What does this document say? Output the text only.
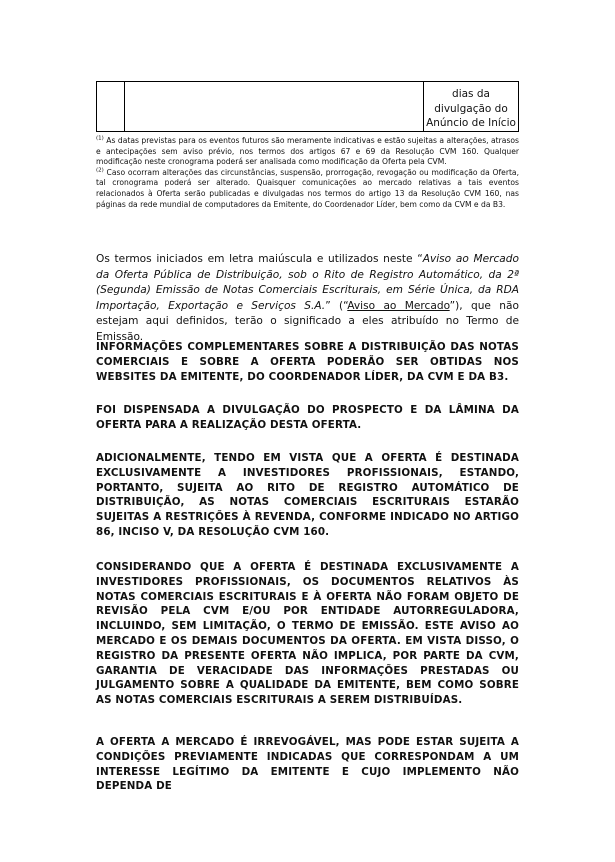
dias da
divulgação do
Anúncio de Início

$^{(1)}$ As datas previstas para os eventos futuros são meramente indicativas e estão sujeitas a alterações, atrasos e antecipações sem aviso prévio, nos termos dos artigos 67 e 69 da Resolução CVM 160. Qualquer modificação neste cronograma poderá ser analisada como modificação da Oferta pela CVM.

$^{(2)}$ Caso ocorram alterações das circunstâncias, suspensão, prorrogação, revogação ou modificação da Oferta, tal cronograma poderá ser alterado. Quaisquer comunicações ao mercado relativas a tais eventos relacionados à Oferta serão publicadas e divulgadas nos termos do artigo 13 da Resolução CVM 160, nas páginas da rede mundial de computadores da Emitente, do Coordenador Líder, bem como da CVM e da B3.

Os termos iniciados em letra maiúscula e utilizados neste “Aviso ao Mercado da Oferta Pública de Distribuição, sob o Rito de Registro Automático, da 2ª (Segunda) Emissão de Notas Comerciais Escriturais, em Série Única, da RDA Importação, Exportação e Serviços S.A.” (“Aviso ao Mercado”), que não estejam aqui definidos, terão o significado a eles atribuído no Termo de Emissão.

INFORMAÇÕES COMPLEMENTARES SOBRE A DISTRIBUIÇÃO DAS NOTAS COMERCIAIS E SOBRE A OFERTA PODERÃO SER OBTIDAS NOS WEBSITES DA EMITENTE, DO COORDENADOR LÍDER, DA CVM E DA B3.

FOI DISPENSADA A DIVULGAÇÃO DO PROSPECTO E DA LÂMINA DA OFERTA PARA A REALIZAÇÃO DESTA OFERTA.

ADICIONALMENTE, TENDO EM VISTA QUE A OFERTA É DESTINADA EXCLUSIVAMENTE A INVESTIDORES PROFISSIONAIS, ESTANDO, PORTANTO, SUJEITA AO RITO DE REGISTRO AUTOMÁTICO DE DISTRIBUIÇÃO, AS NOTAS COMERCIAIS ESCRITURAIS ESTARÃO SUJEITAS A RESTRIÇÕES À REVENDA, CONFORME INDICADO NO ARTIGO 86, INCISO V, DA RESOLUÇÃO CVM 160.

CONSIDERANDO QUE A OFERTA É DESTINADA EXCLUSIVAMENTE A INVESTIDORES PROFISSIONAIS, OS DOCUMENTOS RELATIVOS ÀS NOTAS COMERCIAIS ESCRITURAIS E À OFERTA NÃO FORAM OBJETO DE REVISÃO PELA CVM E/OU POR ENTIDADE AUTORREGULADORA, INCLUINDO, SEM LIMITAÇÃO, O TERMO DE EMISSÃO. ESTE AVISO AO MERCADO E OS DEMAIS DOCUMENTOS DA OFERTA. EM VISTA DISSO, O REGISTRO DA PRESENTE OFERTA NÃO IMPLICA, POR PARTE DA CVM, GARANTIA DE VERACIDADE DAS INFORMAÇÕES PRESTADAS OU JULGAMENTO SOBRE A QUALIDADE DA EMITENTE, BEM COMO SOBRE AS NOTAS COMERCIAIS ESCRITURAIS A SEREM DISTRIBUÍDAS.

A OFERTA A MERCADO É IRREVOGÁVEL, MAS PODE ESTAR SUJEITA A CONDIÇÕES PREVIAMENTE INDICADAS QUE CORRESPONDAM A UM INTERESSE LEGÍTIMO DA EMITENTE E CUJO IMPLEMENTO NÃO DEPENDA DE
